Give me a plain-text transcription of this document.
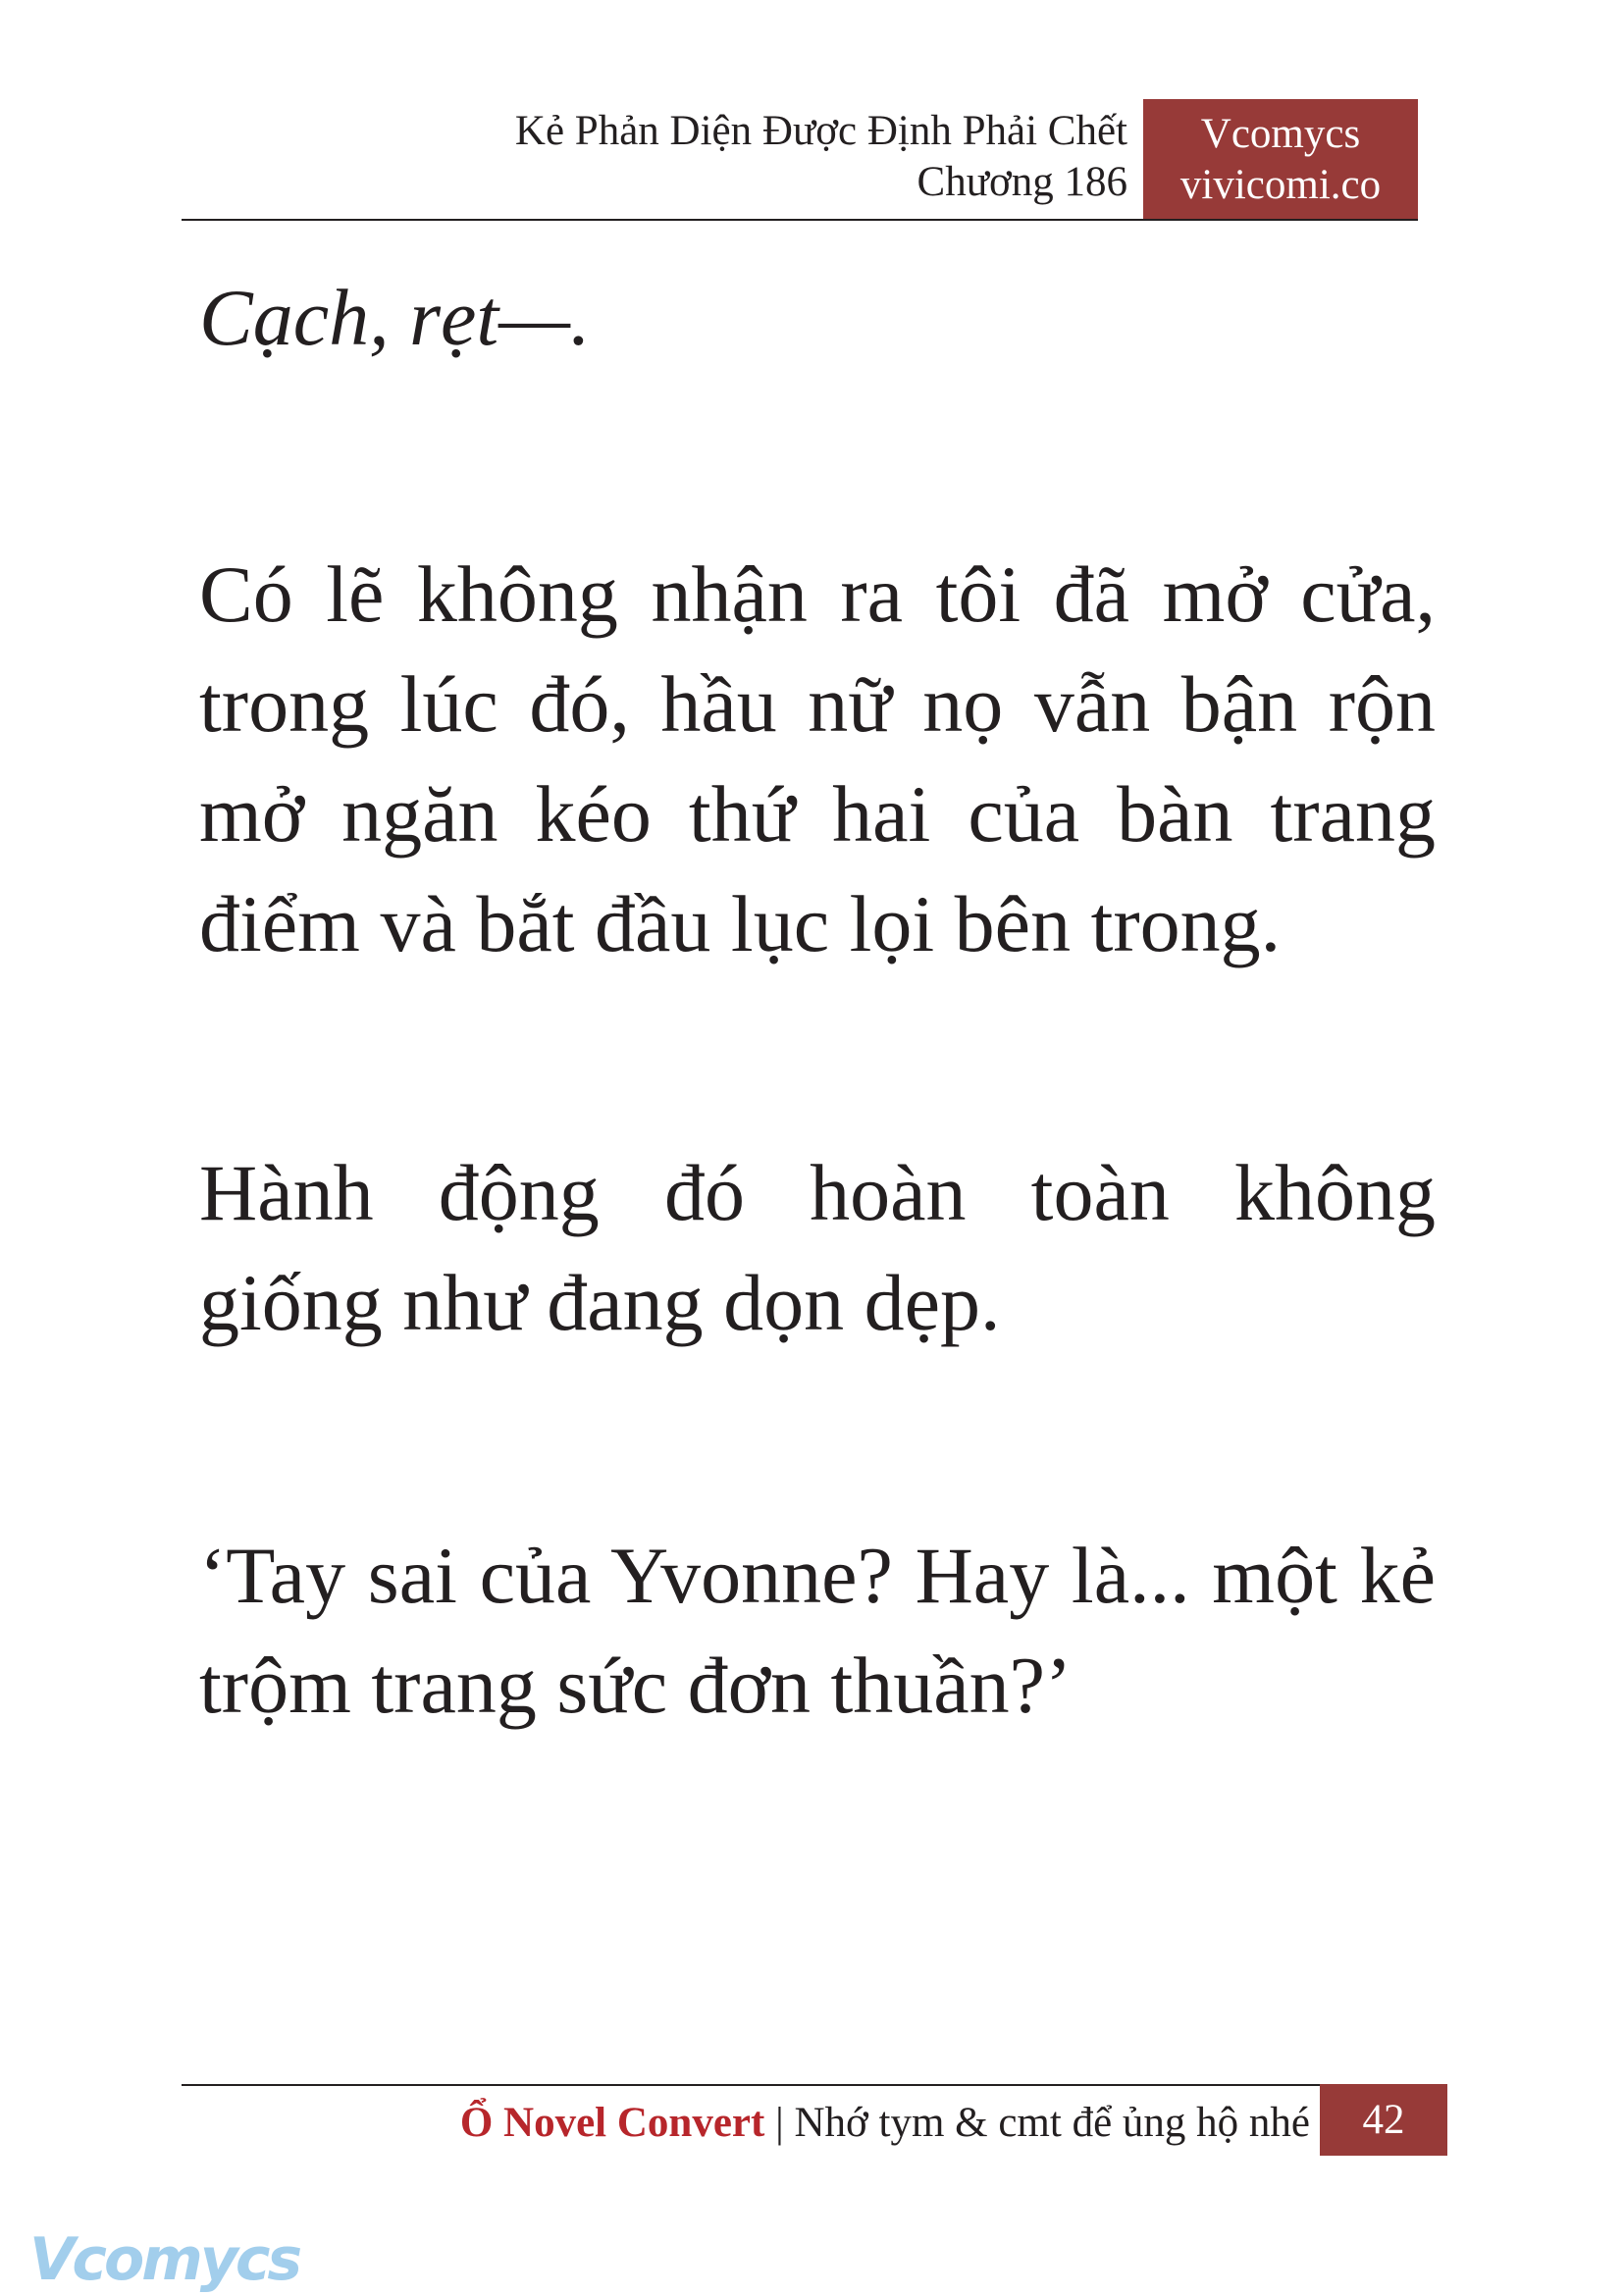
Kẻ Phản Diện Được Định Phải Chết
Chương 186
Vcomycs
vivicomi.co

Cạch, rẹt—.

Có lẽ không nhận ra tôi đã mở cửa, trong lúc đó, hầu nữ nọ vẫn bận rộn mở ngăn kéo thứ hai của bàn trang điểm và bắt đầu lục lọi bên trong.

Hành động đó hoàn toàn không

giống như đang dọn dẹp.

‘Tay sai của Yvonne? Hay là... một kẻ trộm trang sức đơn thuần?’

Ổ Novel Convert | Nhớ tym & cmt để ủng hộ nhé	42
Vcomycs
